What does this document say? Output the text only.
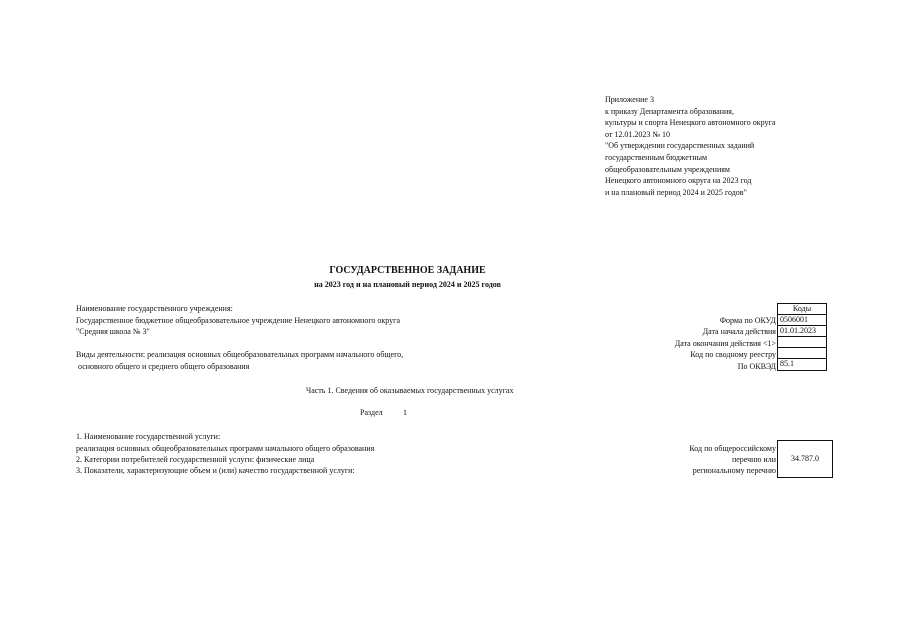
Приложение 3
к приказу Департамента образования,
культуры и спорта Ненецкого автономного округа
от 12.01.2023 № 10
"Об утверждении государственных заданий
государственным бюджетным
общеобразовательным учреждениям
Ненецкого автономного округа на 2023 год
и на плановый период 2024 и 2025 годов"
ГОСУДАРСТВЕННОЕ ЗАДАНИЕ
на 2023 год и на плановый период 2024 и 2025 годов
Наименование государственного учреждения:
Государственное бюджетное общеобразовательное учреждение Ненецкого автономного округа
"Средняя школа № 3"
Виды деятельности: реализация основных общеобразовательных программ начального общего,
основного общего и среднего общего образования
Форма по ОКУД
Дата начала действия
Дата окончания действия <1>
Код по сводному реестру
По ОКВЭД
Коды
0506001
01.01.2023
85.1
Часть 1. Сведения об оказываемых государственных услугах
Раздел	1
1. Наименование государственной услуги:
реализация основных общеобразовательных программ начального общего образования
2. Категории потребителей государственной услуги: физические лица
3. Показатели, характеризующие объем и (или) качество государственной услуги:
Код по общероссийскому
перечню или
региональному перечню
34.787.0
